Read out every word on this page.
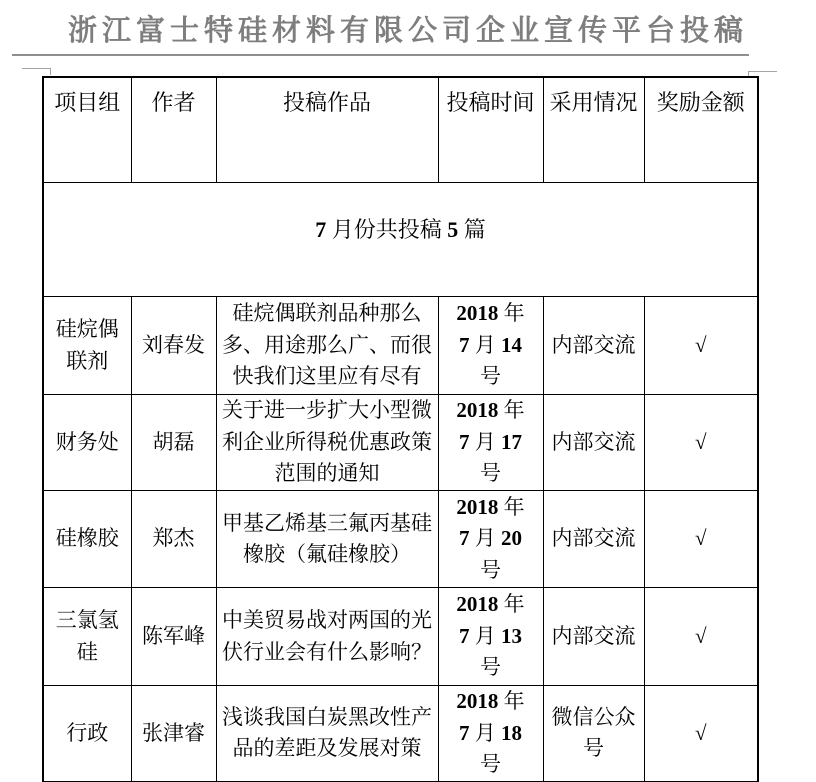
浙江富士特硅材料有限公司企业宣传平台投稿
项目组	作者	投稿作品	投稿时间	采用情况	奖励金额
7 月份共投稿 5 篇					
硅烷偶联剂	刘春发	硅烷偶联剂品种那么多、用途那么广、而很快我们这里应有尽有	2018 年 7 月 14 号	内部交流	√
财务处	胡磊	关于进一步扩大小型微利企业所得税优惠政策范围的通知	2018 年 7 月 17 号	内部交流	√
硅橡胶	郑杰	甲基乙烯基三氟丙基硅橡胶（氟硅橡胶）	2018 年 7 月 20 号	内部交流	√
三氯氢硅	陈军峰	中美贸易战对两国的光伏行业会有什么影响？	2018 年 7 月 13 号	内部交流	√
行政	张津睿	浅谈我国白炭黑改性产品的差距及发展对策	2018 年 7 月 18 号	微信公众号	√
